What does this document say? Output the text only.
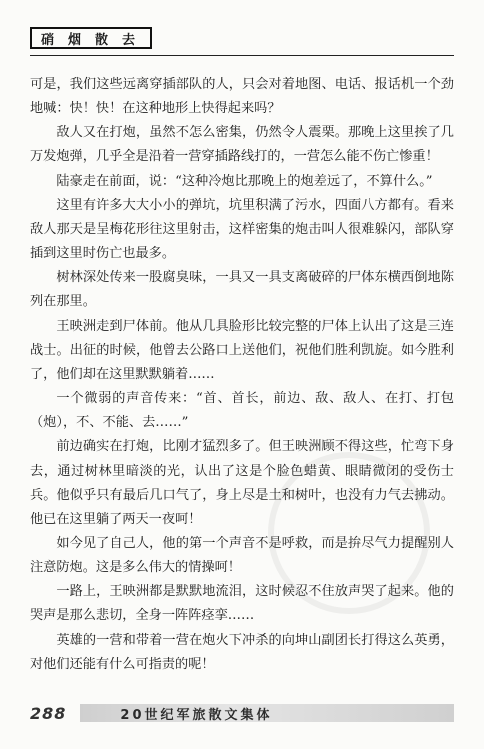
硝烟散去

可是，我们这些远离穿插部队的人，只会对着地图、电话、报话机一个劲地喊：快！快！在这种地形上快得起来吗？

敌人又在打炮，虽然不怎么密集，仍然令人震栗。那晚上这里挨了几万发炮弹，几乎全是沿着一营穿插路线打的，一营怎么能不伤亡惨重！

陆豪走在前面，说：“这种冷炮比那晚上的炮差远了，不算什么。”

这里有许多大大小小的弹坑，坑里积满了污水，四面八方都有。看来敌人那天是呈梅花形往这里射击，这样密集的炮击叫人很难躲闪，部队穿插到这里时伤亡也最多。

树林深处传来一股腐臭味，一具又一具支离破碎的尸体东横西倒地陈列在那里。

王映洲走到尸体前。他从几具脸形比较完整的尸体上认出了这是三连战士。出征的时候，他曾去公路口上送他们，祝他们胜利凯旋。如今胜利了，他们却在这里默默躺着……

一个微弱的声音传来：“首、首长，前边、敌、敌人、在打、打包（炮），不、不能、去……”

前边确实在打炮，比刚才猛烈多了。但王映洲顾不得这些，忙弯下身去，通过树林里暗淡的光，认出了这是个脸色蜡黄、眼睛微闭的受伤士兵。他似乎只有最后几口气了，身上尽是土和树叶，也没有力气去拂动。他已在这里躺了两天一夜呵！

如今见了自己人，他的第一个声音不是呼救，而是拚尽气力提醒别人注意防炮。这是多么伟大的情操呵！

一路上，王映洲都是默默地流泪，这时候忍不住放声哭了起来。他的哭声是那么悲切，全身一阵阵痉挛……

英雄的一营和带着一营在炮火下冲杀的向坤山副团长打得这么英勇，对他们还能有什么可指责的呢！

288	20世纪军旅散文集体
